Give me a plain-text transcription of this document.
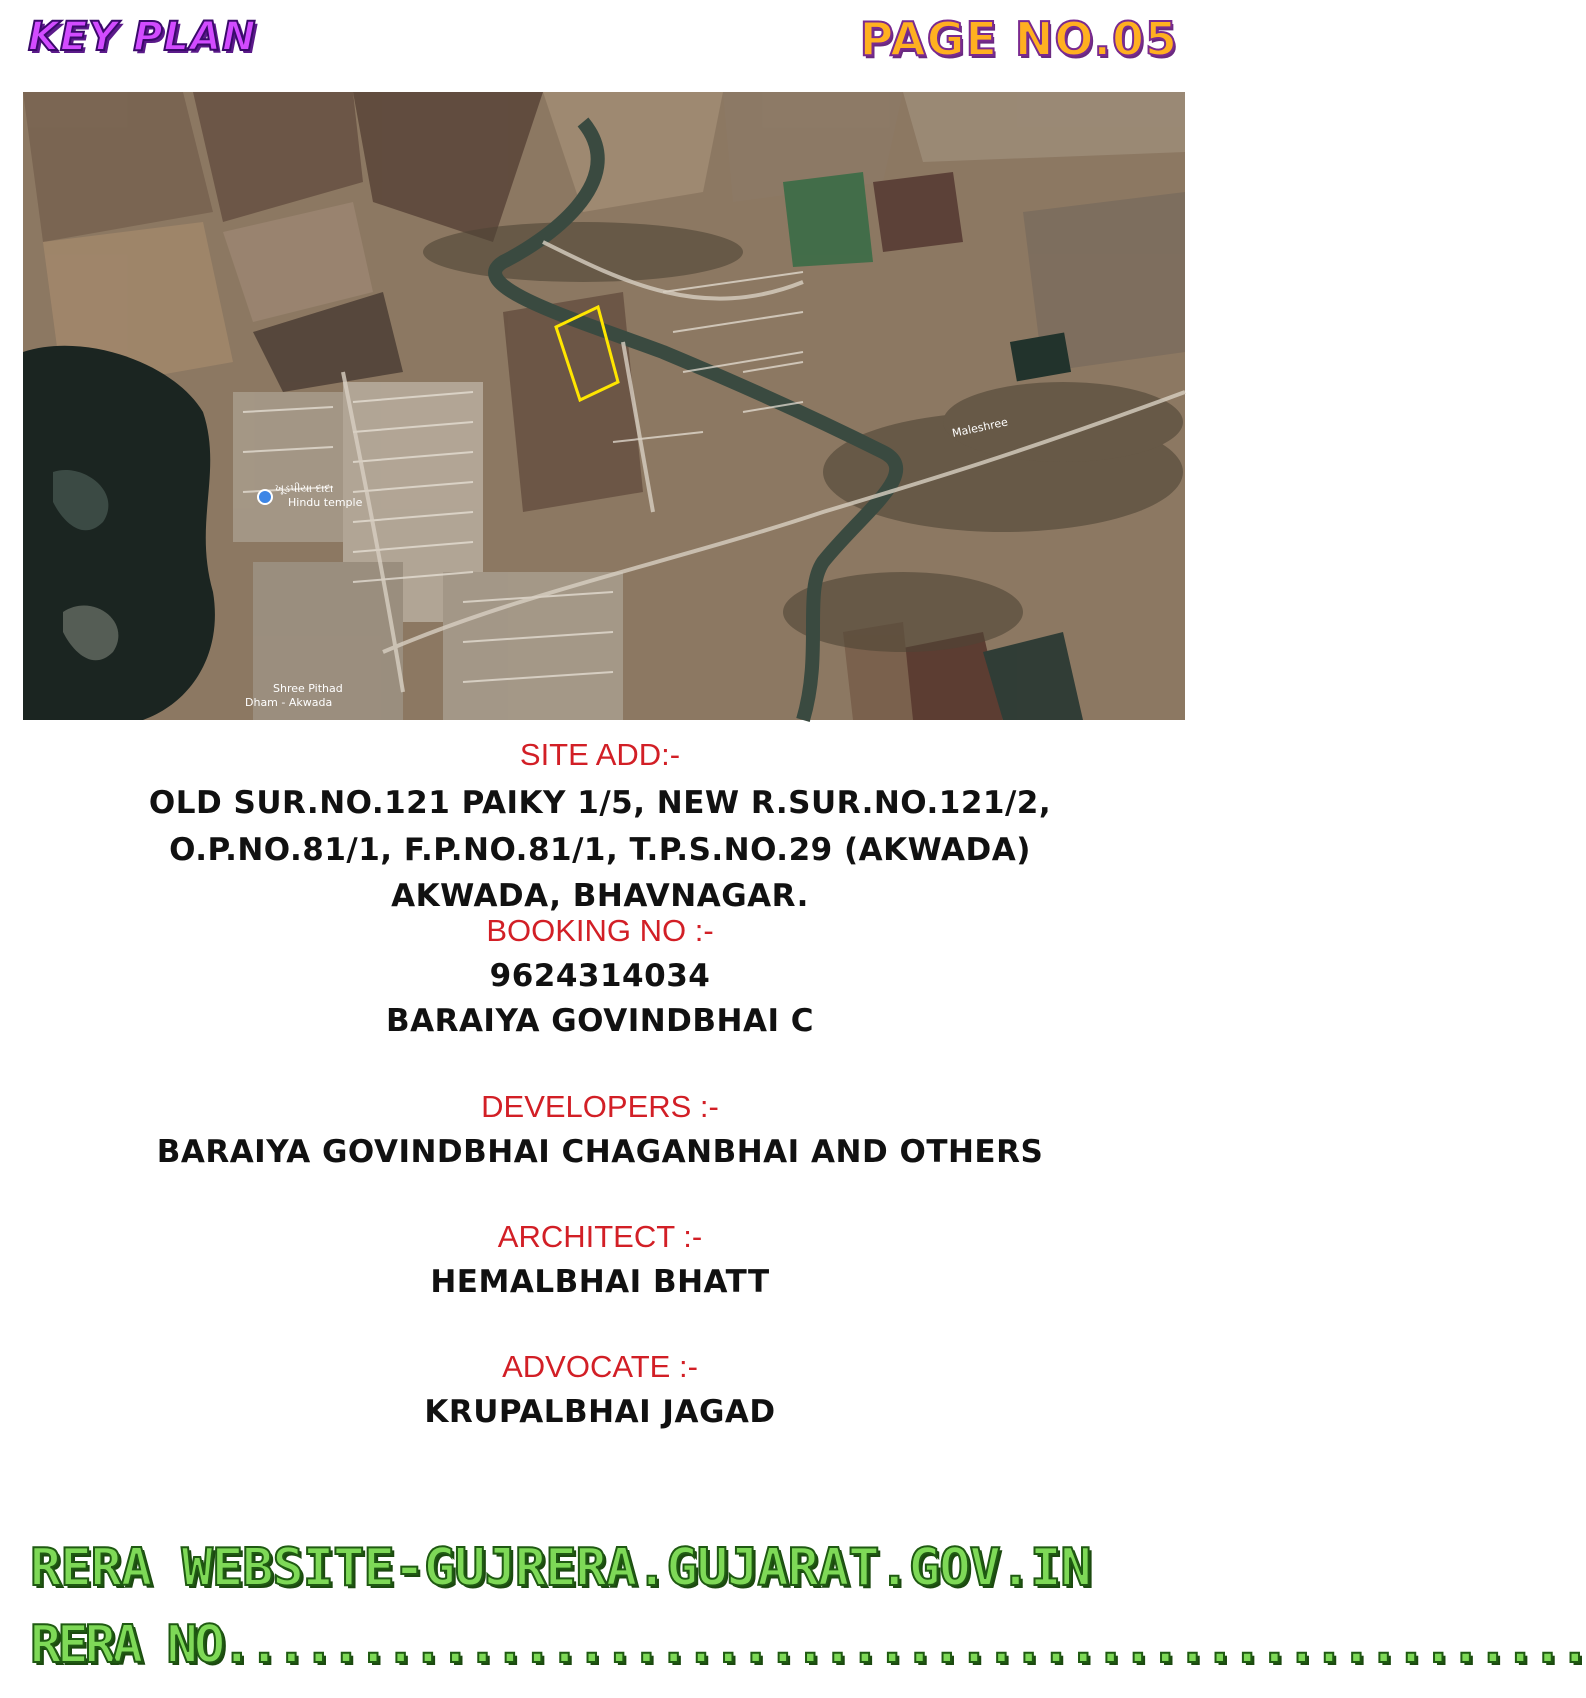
KEY PLAN	PAGE NO.05
ખૂડપીયા દાદા
Hindu temple
Shree Pithad
Dham - Akwada
Maleshree
SITE ADD:-
OLD SUR.NO.121 PAIKY 1/5, NEW R.SUR.NO.121/2,
O.P.NO.81/1, F.P.NO.81/1, T.P.S.NO.29 (AKWADA)
AKWADA, BHAVNAGAR.
BOOKING NO :-
9624314034
BARAIYA GOVINDBHAI C
DEVELOPERS :-
BARAIYA GOVINDBHAI CHAGANBHAI AND OTHERS
ARCHITECT :-
HEMALBHAI BHATT
ADVOCATE :-
KRUPALBHAI JAGAD
RERA WEBSITE-GUJRERA.GUJARAT.GOV.IN
RERA NO..................................................
